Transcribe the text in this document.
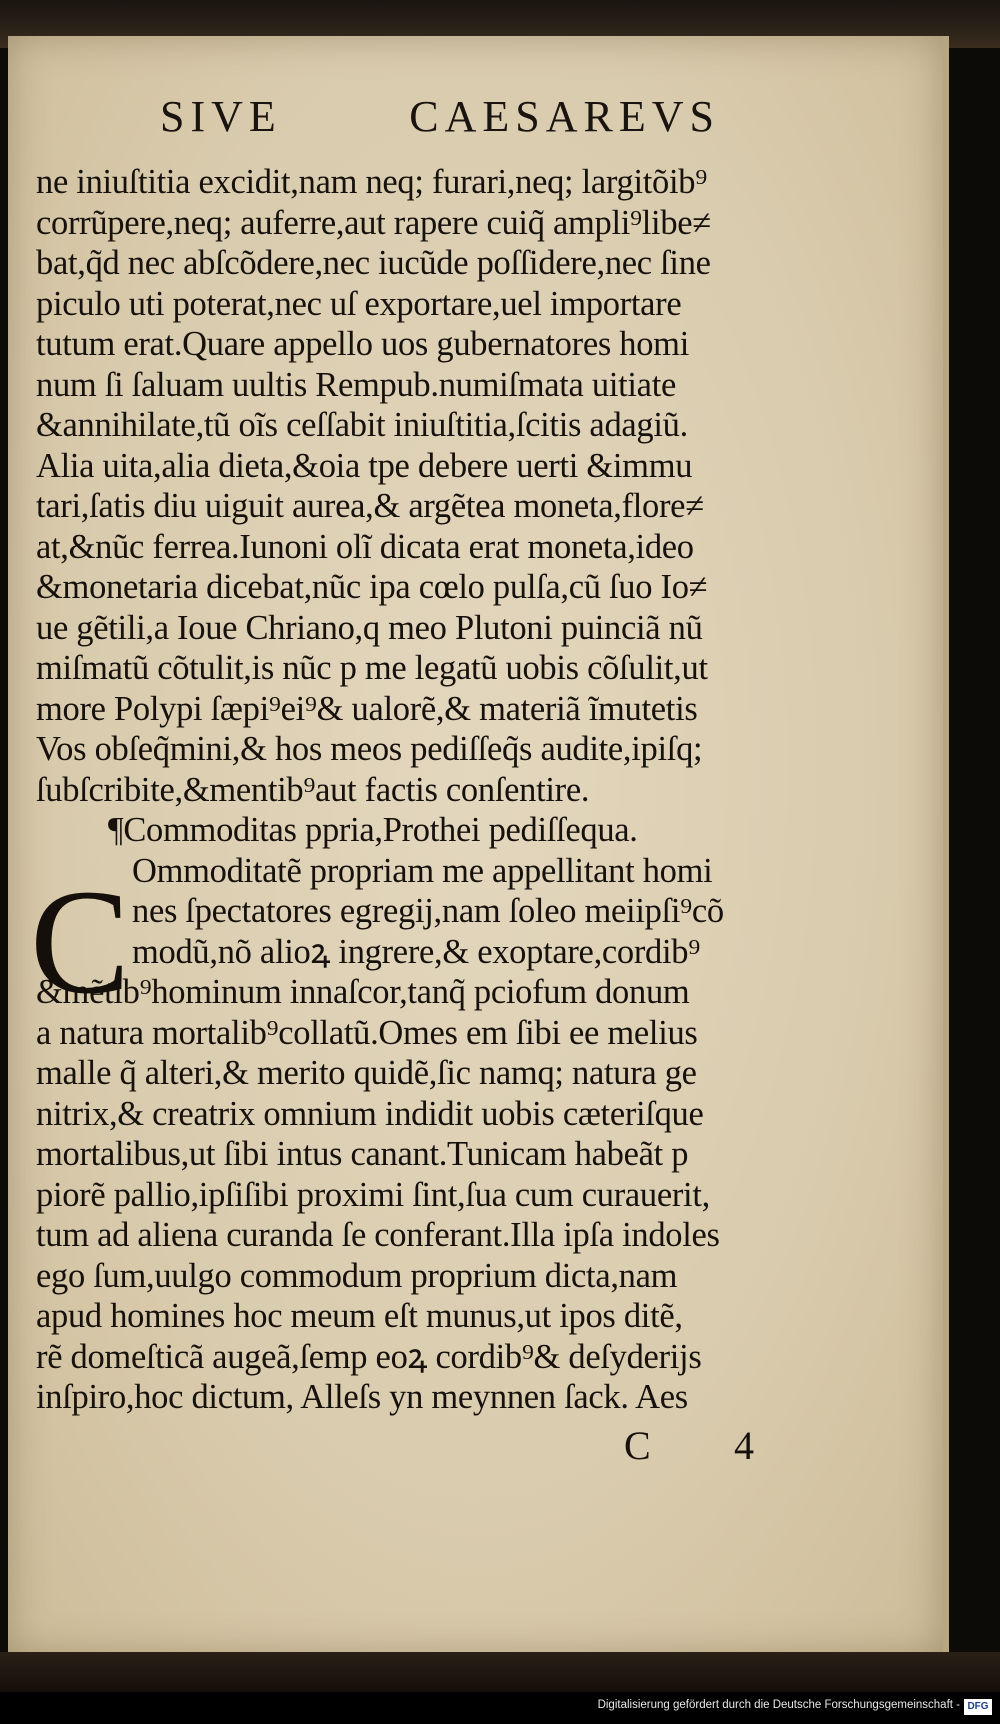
SIVE	CAESAREVS
ne iniuſtitia excidit,nam neq; furari,neq; largitõib⁹
corrũpere,neq; auferre,aut rapere cuiq̃ ampli⁹libe≠
bat,q̃d nec abſcõdere,nec iucũde poſſidere,nec ſine
piculo uti poterat,nec uſ exportare,uel importare
tutum erat.Quare appello uos gubernatores homi
num ſi ſaluam uultis Rempub.numiſmata uitiate
&annihilate,tũ oĩs ceſſabit iniuſtitia,ſcitis adagiũ.
Alia uita,alia dieta,&oia tpe debere uerti &immu
tari,ſatis diu uiguit aurea,& argẽtea moneta,flore≠
at,&nũc ferrea.Iunoni olĩ dicata erat moneta,ideo
&monetaria dicebat,nũc ipa cœlo pulſa,cũ ſuo Io≠
ue gẽtili,a Ioue Chriano,q meo Plutoni puinciã nũ
miſmatũ cõtulit,is nũc p me legatũ uobis cõſulit,ut
more Polypi ſæpi⁹ei⁹& ualorẽ,& materiã ĩmutetis
Vos obſeq̃mini,& hos meos pediſſeq̃s audite,ipiſq;
ſubſcribite,&mentib⁹aut factis conſentire.
¶Commoditas ppria,Prothei pediſſequa.
Ommoditatẽ propriam me appellitant homi
nes ſpectatores egregij,nam ſoleo meiipſi⁹cõ
modũ,nõ alioꝝ ingrere,& exoptare,cordib⁹
&mẽtib⁹hominum innaſcor,tanq̃ pciofum donum
a natura mortalib⁹collatũ.Omes em ſibi ee melius
malle q̃ alteri,& merito quidẽ,ſic namq; natura ge
nitrix,& creatrix omnium indidit uobis cæteriſque
mortalibus,ut ſibi intus canant.Tunicam habeãt p
piorẽ pallio,ipſiſibi proximi ſint,ſua cum curauerit,
tum ad aliena curanda ſe conferant.Illa ipſa indoles
ego ſum,uulgo commodum proprium dicta,nam
apud homines hoc meum eſt munus,ut ipos ditẽ,
rẽ domeſticã augeã,ſemp eoꝝ cordib⁹& deſyderijs
inſpiro,hoc dictum, Alleſs yn meynnen ſack. Aes
C
C 4
Digitalisierung gefördert durch die Deutsche Forschungsgemeinschaft - DFG
